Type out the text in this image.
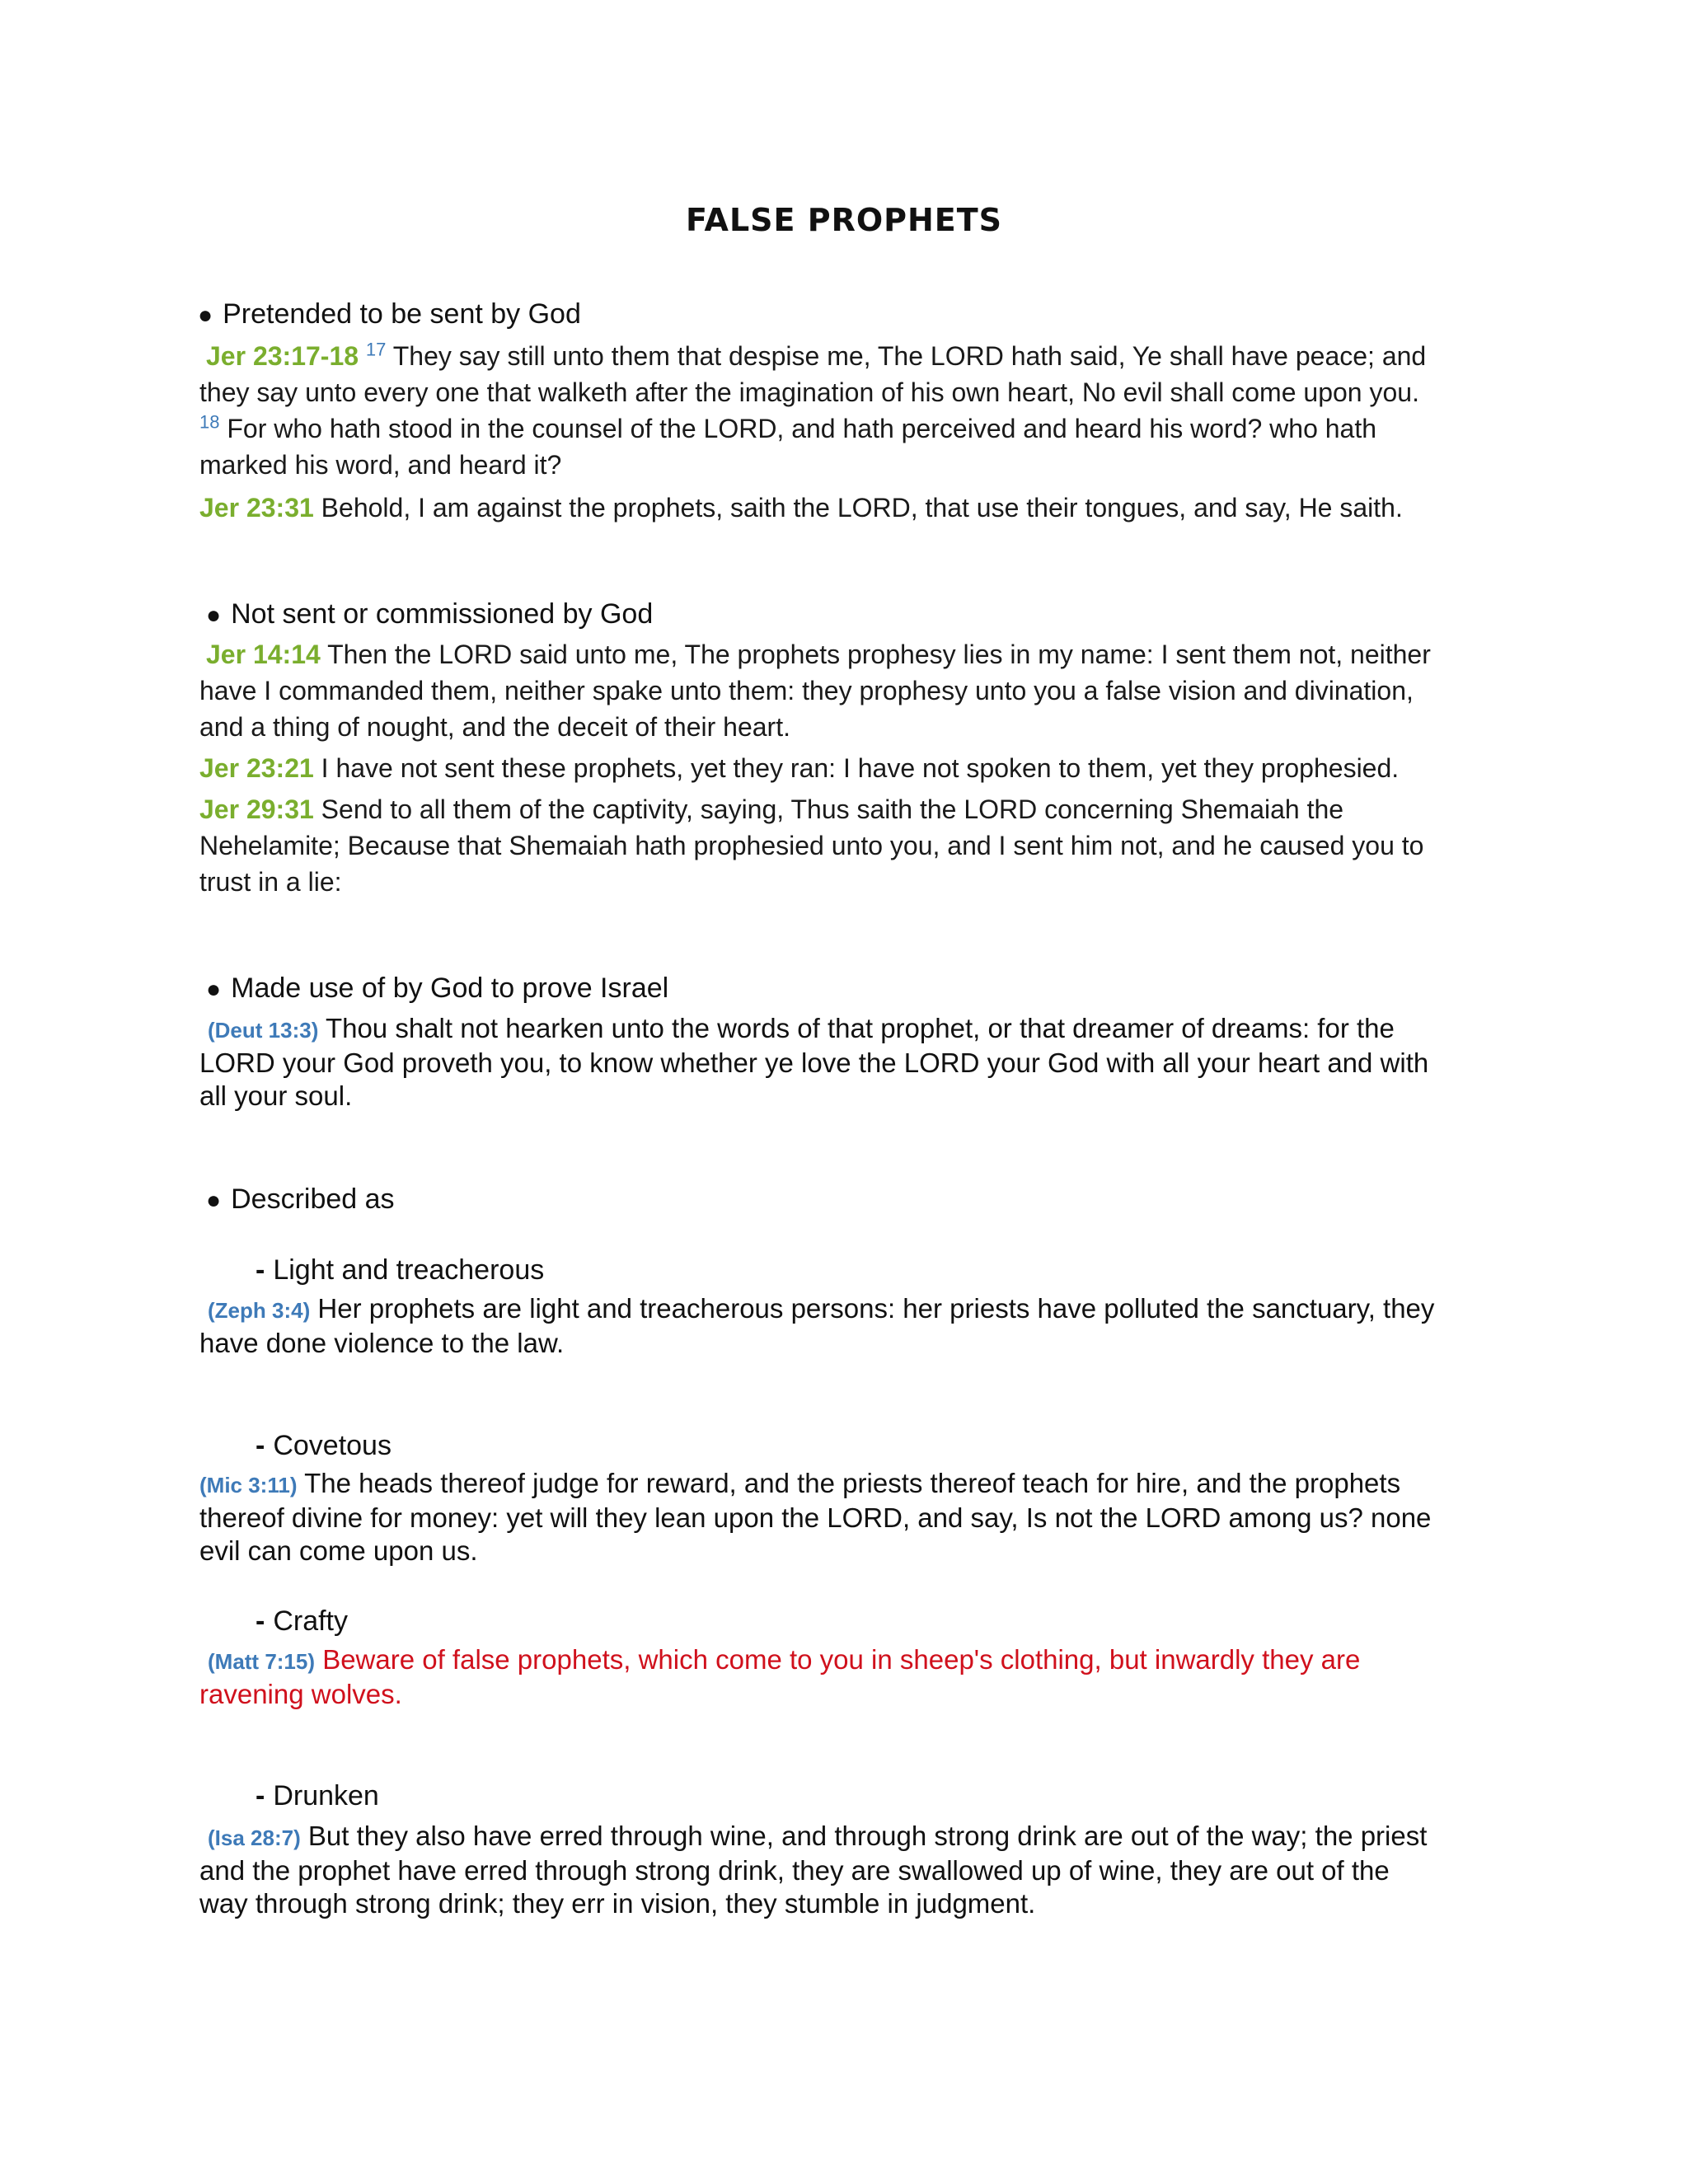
FALSE PROPHETS
● Pretended to be sent by God
Jer 23:17-18 $^{17}$ They say still unto them that despise me, The LORD hath said, Ye shall have peace; and
they say unto every one that walketh after the imagination of his own heart, No evil shall come upon you.
$^{18}$ For who hath stood in the counsel of the LORD, and hath perceived and heard his word? who hath
marked his word, and heard it?
Jer 23:31 Behold, I am against the prophets, saith the LORD, that use their tongues, and say, He saith.
● Not sent or commissioned by God
Jer 14:14 Then the LORD said unto me, The prophets prophesy lies in my name: I sent them not, neither
have I commanded them, neither spake unto them: they prophesy unto you a false vision and divination,
and a thing of nought, and the deceit of their heart.
Jer 23:21 I have not sent these prophets, yet they ran: I have not spoken to them, yet they prophesied.
Jer 29:31 Send to all them of the captivity, saying, Thus saith the LORD concerning Shemaiah the
Nehelamite; Because that Shemaiah hath prophesied unto you, and I sent him not, and he caused you to
trust in a lie:
● Made use of by God to prove Israel
(Deut 13:3) Thou shalt not hearken unto the words of that prophet, or that dreamer of dreams: for the
LORD your God proveth you, to know whether ye love the LORD your God with all your heart and with
all your soul.
● Described as
- Light and treacherous
(Zeph 3:4) Her prophets are light and treacherous persons: her priests have polluted the sanctuary, they
have done violence to the law.
- Covetous
(Mic 3:11) The heads thereof judge for reward, and the priests thereof teach for hire, and the prophets
thereof divine for money: yet will they lean upon the LORD, and say, Is not the LORD among us? none
evil can come upon us.
- Crafty
(Matt 7:15) Beware of false prophets, which come to you in sheep's clothing, but inwardly they are
ravening wolves.
- Drunken
(Isa 28:7) But they also have erred through wine, and through strong drink are out of the way; the priest
and the prophet have erred through strong drink, they are swallowed up of wine, they are out of the
way through strong drink; they err in vision, they stumble in judgment.
